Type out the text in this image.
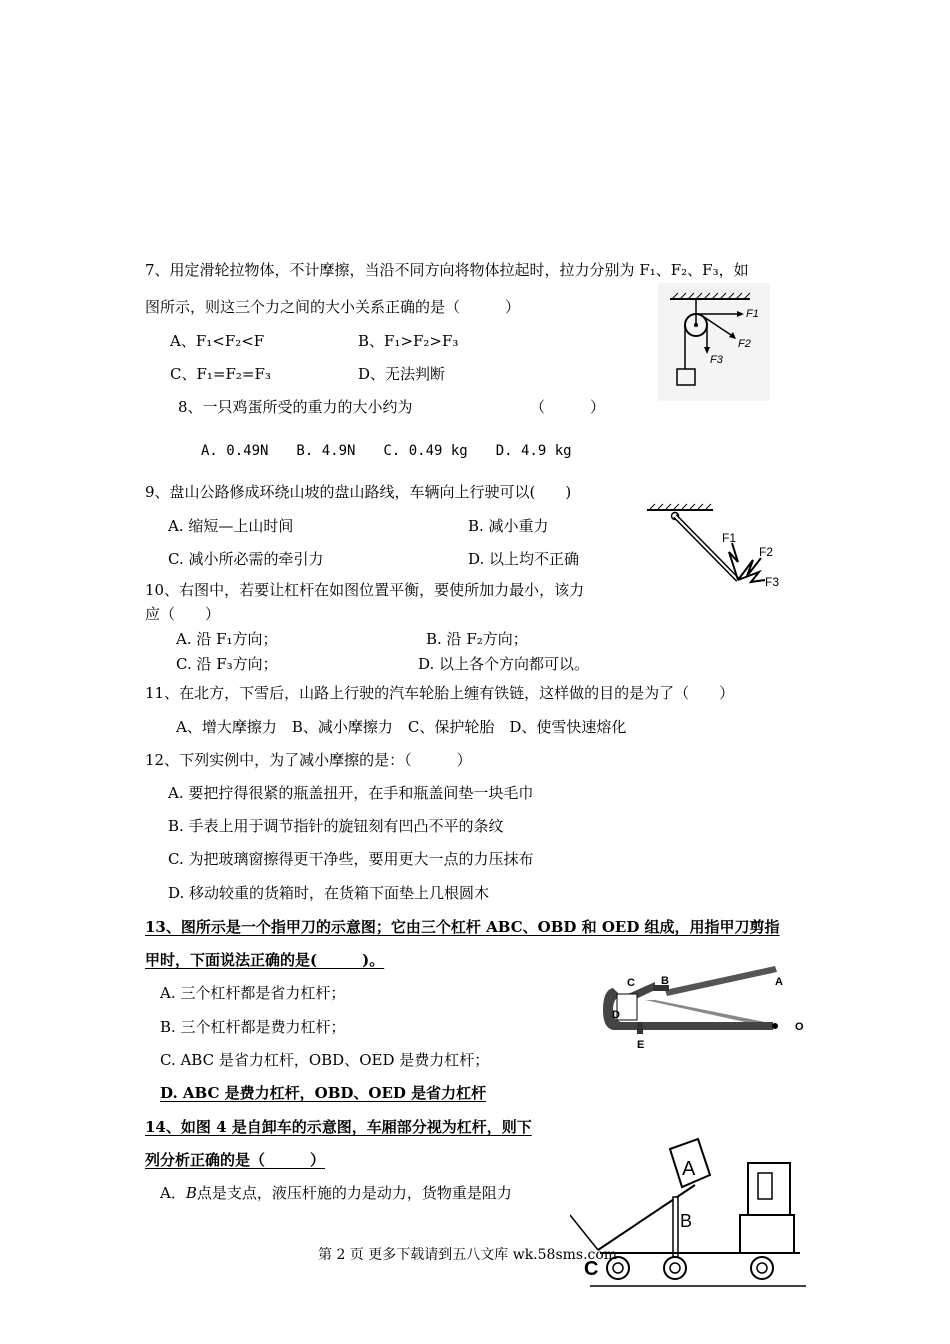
7、用定滑轮拉物体，不计摩擦，当沿不同方向将物体拉起时，拉力分别为 F₁、F₂、F₃，如
图所示，则这三个力之间的大小关系正确的是（　　　）
A、F₁<F₂<F	B、F₁>F₂>F₃
C、F₁=F₂=F₃	D、无法判断
F1
F2
F3
8、一只鸡蛋所受的重力的大小约为	（　　　）
A. 0.49N　　B. 4.9N　　C. 0.49 kg　　D. 4.9 kg
9、盘山公路修成环绕山坡的盘山路线，车辆向上行驶可以(　　)
A. 缩短—上山时间	B. 减小重力
C. 减小所必需的牵引力	D. 以上均不正确
F1
F2
F3
10、右图中，若要让杠杆在如图位置平衡，要使所加力最小，该力
应（　　）
A. 沿 F₁方向；	B. 沿 F₂方向；
C. 沿 F₃方向；	D. 以上各个方向都可以。
11、在北方，下雪后，山路上行驶的汽车轮胎上缠有铁链，这样做的目的是为了（　　）
A、增大摩擦力　B、减小摩擦力　C、保护轮胎　D、使雪快速熔化
12、下列实例中，为了减小摩擦的是：（　　　）
A. 要把拧得很紧的瓶盖扭开，在手和瓶盖间垫一块毛巾
B. 手表上用于调节指针的旋钮刻有凹凸不平的条纹
C. 为把玻璃窗擦得更干净些，要用更大一点的力压抹布
D. 移动较重的货箱时，在货箱下面垫上几根圆木
13、图所示是一个指甲刀的示意图；它由三个杠杆 ABC、OBD 和 OED 组成，用指甲刀剪指
甲时，下面说法正确的是(　　　)。
A. 三个杠杆都是省力杠杆；
B. 三个杠杆都是费力杠杆；
C. ABC 是省力杠杆，OBD、OED 是费力杠杆；
D. ABC 是费力杠杆，OBD、OED 是省力杠杆
C B	A
D
E
O
14、如图 4 是自卸车的示意图，车厢部分视为杠杆，则下
列分析正确的是（　　　）
A．B点是支点，液压杆施的力是动力，货物重是阻力
A
B
C
第 2 页 更多下载请到五八文库 wk.58sms.com
